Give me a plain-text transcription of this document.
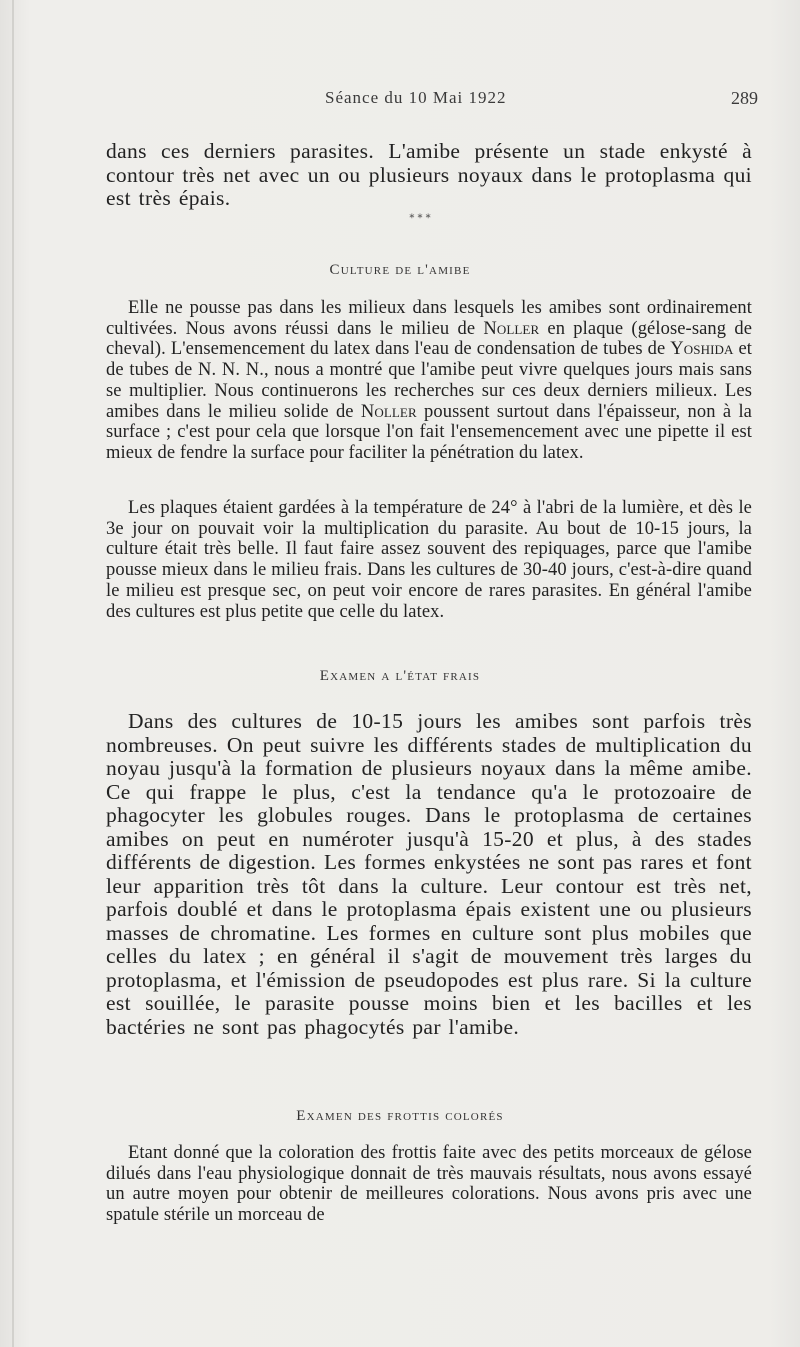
Séance du 10 Mai 1922	289

dans ces derniers parasites. L'amibe présente un stade enkysté à contour très net avec un ou plusieurs noyaux dans le protoplasma qui est très épais.

* * *
Culture de l'amibe

Elle ne pousse pas dans les milieux dans lesquels les amibes sont ordinairement cultivées. Nous avons réussi dans le milieu de Noller en plaque (gélose-sang de cheval). L'ensemencement du latex dans l'eau de condensation de tubes de Yoshida et de tubes de N. N. N., nous a montré que l'amibe peut vivre quelques jours mais sans se multiplier. Nous continuerons les recherches sur ces deux derniers milieux. Les amibes dans le milieu solide de Noller poussent surtout dans l'épaisseur, non à la surface ; c'est pour cela que lorsque l'on fait l'ensemencement avec une pipette il est mieux de fendre la surface pour faciliter la pénétration du latex.

Les plaques étaient gardées à la température de 24° à l'abri de la lumière, et dès le 3e jour on pouvait voir la multiplication du parasite. Au bout de 10-15 jours, la culture était très belle. Il faut faire assez souvent des repiquages, parce que l'amibe pousse mieux dans le milieu frais. Dans les cultures de 30-40 jours, c'est-à-dire quand le milieu est presque sec, on peut voir encore de rares parasites. En général l'amibe des cultures est plus petite que celle du latex.

Examen a l'état frais

Dans des cultures de 10-15 jours les amibes sont parfois très nombreuses. On peut suivre les différents stades de multiplication du noyau jusqu'à la formation de plusieurs noyaux dans la même amibe. Ce qui frappe le plus, c'est la tendance qu'a le protozoaire de phagocyter les globules rouges. Dans le protoplasma de certaines amibes on peut en numéroter jusqu'à 15-20 et plus, à des stades différents de digestion. Les formes enkystées ne sont pas rares et font leur apparition très tôt dans la culture. Leur contour est très net, parfois doublé et dans le protoplasma épais existent une ou plusieurs masses de chromatine. Les formes en culture sont plus mobiles que celles du latex ; en général il s'agit de mouvement très larges du protoplasma, et l'émission de pseudopodes est plus rare. Si la culture est souillée, le parasite pousse moins bien et les bacilles et les bactéries ne sont pas phagocytés par l'amibe.

Examen des frottis colorés

Etant donné que la coloration des frottis faite avec des petits morceaux de gélose dilués dans l'eau physiologique donnait de très mauvais résultats, nous avons essayé un autre moyen pour obtenir de meilleures colorations. Nous avons pris avec une spatule stérile un morceau de
